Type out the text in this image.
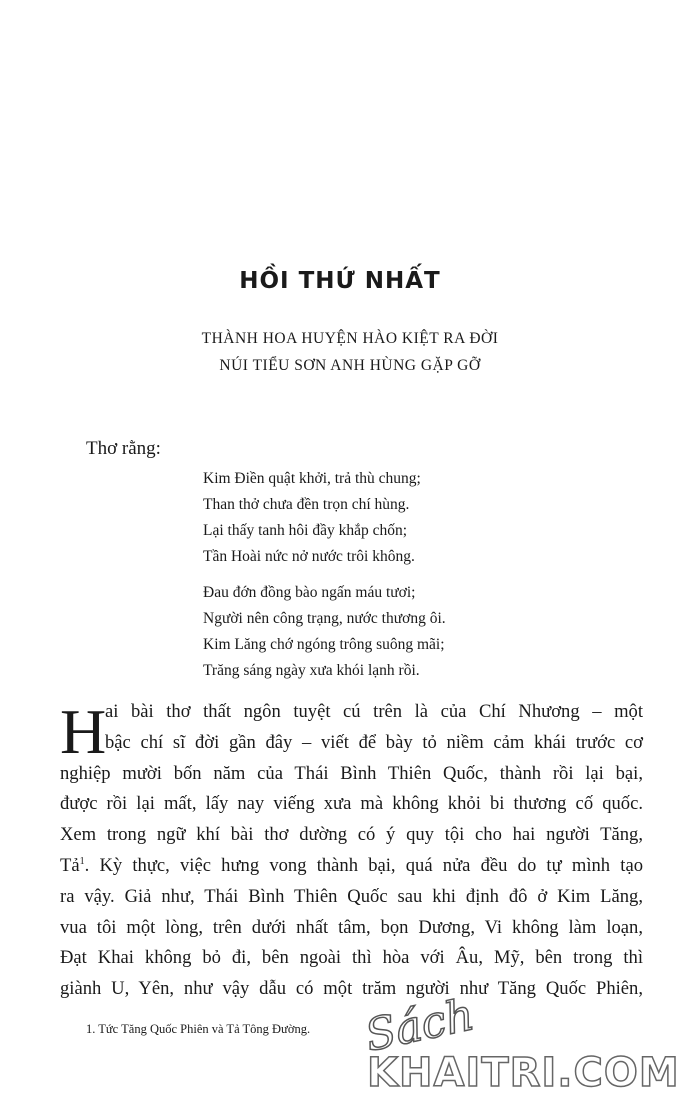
HỒI THỨ NHẤT
THÀNH HOA HUYỆN HÀO KIỆT RA ĐỜI
NÚI TIỂU SƠN ANH HÙNG GẶP GỠ
Thơ rằng:
Kim Điền quật khởi, trả thù chung;
Than thở chưa đền trọn chí hùng.
Lại thấy tanh hôi đầy khắp chốn;
Tần Hoài nức nở nước trôi không.
Đau đớn đồng bào ngấn máu tươi;
Người nên công trạng, nước thương ôi.
Kim Lăng chớ ngóng trông suông mãi;
Trăng sáng ngày xưa khói lạnh rồi.
H
ai bài thơ thất ngôn tuyệt cú trên là của Chí Nhương – một
bậc chí sĩ đời gần đây – viết để bày tỏ niềm cảm khái trước cơ
nghiệp mười bốn năm của Thái Bình Thiên Quốc, thành rồi lại bại,
được rồi lại mất, lấy nay viếng xưa mà không khỏi bi thương cố quốc.
Xem trong ngữ khí bài thơ dường có ý quy tội cho hai người Tăng,
Tả$^1$. Kỳ thực, việc hưng vong thành bại, quá nửa đều do tự mình tạo
ra vậy. Giả như, Thái Bình Thiên Quốc sau khi định đô ở Kim Lăng,
vua tôi một lòng, trên dưới nhất tâm, bọn Dương, Vi không làm loạn,
Đạt Khai không bỏ đi, bên ngoài thì hòa với Âu, Mỹ, bên trong thì
giành U, Yên, như vậy dẫu có một trăm người như Tăng Quốc Phiên,
1. Tức Tăng Quốc Phiên và Tả Tông Đường. Sách
KHAITRI.COM
